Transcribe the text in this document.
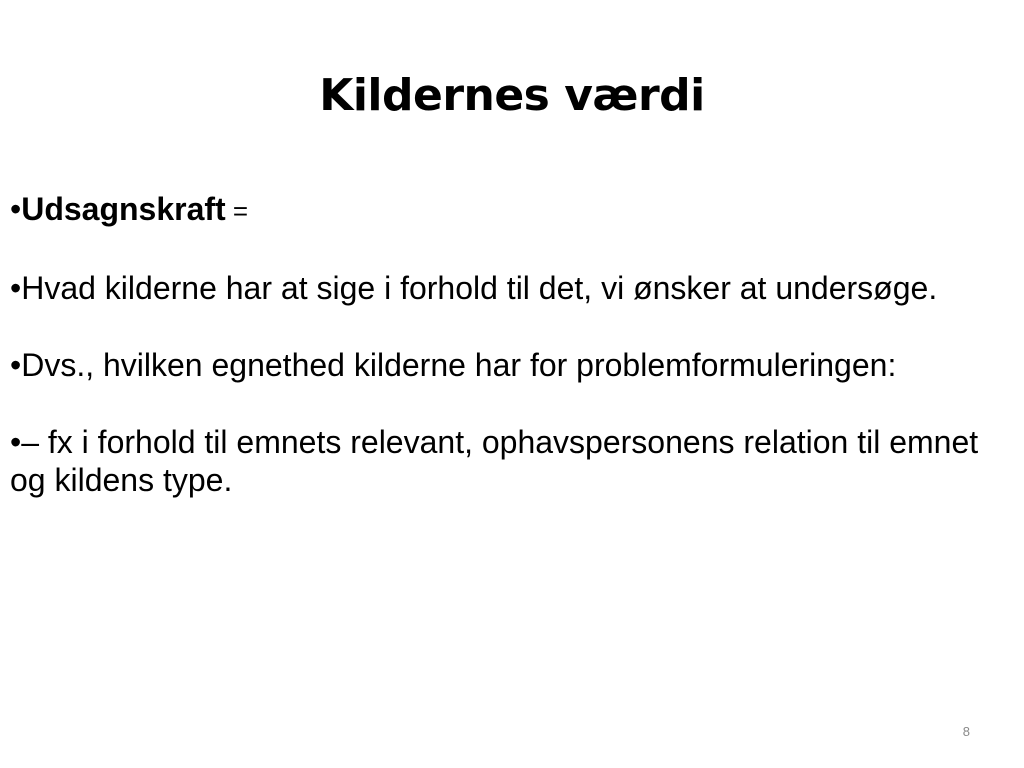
Kildernes værdi

•Udsagnskraft =

•Hvad kilderne har at sige i forhold til det, vi ønsker at undersøge.

•Dvs., hvilken egnethed kilderne har for problemformuleringen:

•– fx i forhold til emnets relevant, ophavspersonens relation til emnet og kildens type.

8
